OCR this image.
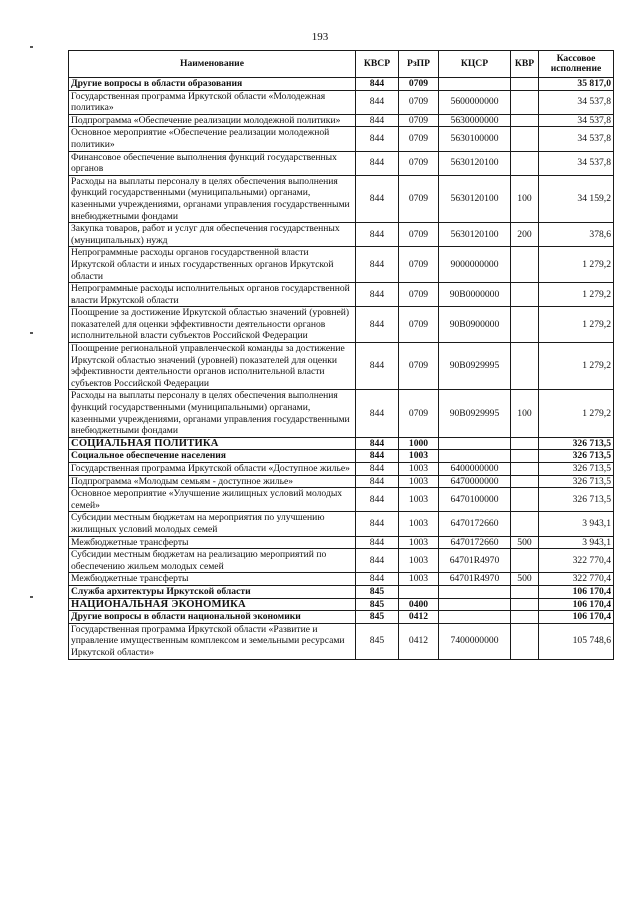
193
Наименование	КВСР	РзПР	КЦСР	КВР	Кассовое исполнение
Другие вопросы в области образования	844	0709			35 817,0
Государственная программа Иркутской области «Молодежная политика»	844	0709	5600000000		34 537,8
Подпрограмма «Обеспечение реализации молодежной политики»	844	0709	5630000000		34 537,8
Основное мероприятие «Обеспечение реализации молодежной политики»	844	0709	5630100000		34 537,8
Финансовое обеспечение выполнения функций государственных органов	844	0709	5630120100		34 537,8
Расходы на выплаты персоналу в целях обеспечения выполнения функций государственными (муниципальными) органами, казенными учреждениями, органами управления государственными внебюджетными фондами	844	0709	5630120100	100	34 159,2
Закупка товаров, работ и услуг для обеспечения государственных (муниципальных) нужд	844	0709	5630120100	200	378,6
Непрограммные расходы органов государственной власти Иркутской области и иных государственных органов Иркутской области	844	0709	9000000000		1 279,2
Непрограммные расходы исполнительных органов государственной власти Иркутской области	844	0709	90В0000000		1 279,2
Поощрение за достижение Иркутской областью значений (уровней) показателей для оценки эффективности деятельности органов исполнительной власти субъектов Российской Федерации	844	0709	90В0900000		1 279,2
Поощрение региональной управленческой команды за достижение Иркутской областью значений (уровней) показателей для оценки эффективности деятельности органов исполнительной власти субъектов Российской Федерации	844	0709	90В0929995		1 279,2
Расходы на выплаты персоналу в целях обеспечения выполнения функций государственными (муниципальными) органами, казенными учреждениями, органами управления государственными внебюджетными фондами	844	0709	90В0929995	100	1 279,2
СОЦИАЛЬНАЯ ПОЛИТИКА	844	1000			326 713,5
Социальное обеспечение населения	844	1003			326 713,5
Государственная программа Иркутской области «Доступное жилье»	844	1003	6400000000		326 713,5
Подпрограмма «Молодым семьям - доступное жилье»	844	1003	6470000000		326 713,5
Основное мероприятие «Улучшение жилищных условий молодых семей»	844	1003	6470100000		326 713,5
Субсидии местным бюджетам на мероприятия по улучшению жилищных условий молодых семей	844	1003	6470172660		3 943,1
Межбюджетные трансферты	844	1003	6470172660	500	3 943,1
Субсидии местным бюджетам на реализацию мероприятий по обеспечению жильем молодых семей	844	1003	64701R4970		322 770,4
Межбюджетные трансферты	844	1003	64701R4970	500	322 770,4
Служба архитектуры Иркутской области	845				106 170,4
НАЦИОНАЛЬНАЯ ЭКОНОМИКА	845	0400			106 170,4
Другие вопросы в области национальной экономики	845	0412			106 170,4
Государственная программа Иркутской области «Развитие и управление имущественным комплексом и земельными ресурсами Иркутской области»	845	0412	7400000000		105 748,6
